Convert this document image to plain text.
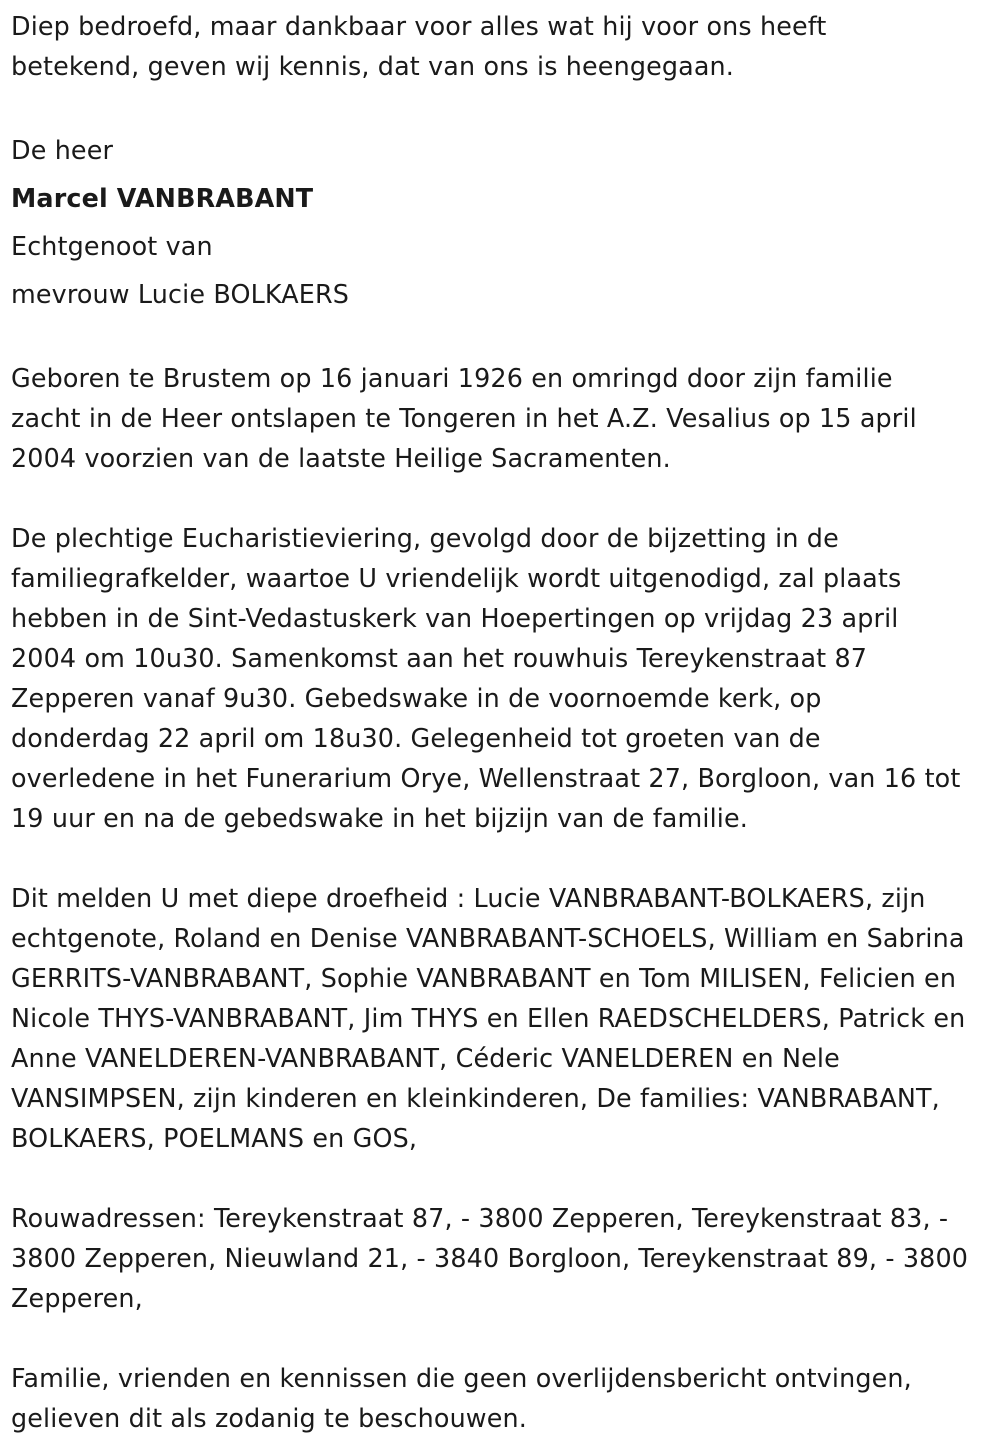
Diep bedroefd, maar dankbaar voor alles wat hij voor ons heeft
betekend, geven wij kennis, dat van ons is heengegaan.

De heer

Marcel VANBRABANT

Echtgenoot van

mevrouw Lucie BOLKAERS

Geboren te Brustem op 16 januari 1926 en omringd door zijn familie
zacht in de Heer ontslapen te Tongeren in het A.Z. Vesalius op 15 april
2004 voorzien van de laatste Heilige Sacramenten.

De plechtige Eucharistieviering, gevolgd door de bijzetting in de
familiegrafkelder, waartoe U vriendelijk wordt uitgenodigd, zal plaats
hebben in de Sint-Vedastuskerk van Hoepertingen op vrijdag 23 april
2004 om 10u30. Samenkomst aan het rouwhuis Tereykenstraat 87
Zepperen vanaf 9u30. Gebedswake in de voornoemde kerk, op
donderdag 22 april om 18u30. Gelegenheid tot groeten van de
overledene in het Funerarium Orye, Wellenstraat 27, Borgloon, van 16 tot
19 uur en na de gebedswake in het bijzijn van de familie.

Dit melden U met diepe droefheid : Lucie VANBRABANT-BOLKAERS, zijn
echtgenote, Roland en Denise VANBRABANT-SCHOELS, William en Sabrina
GERRITS-VANBRABANT, Sophie VANBRABANT en Tom MILISEN, Felicien en
Nicole THYS-VANBRABANT, Jim THYS en Ellen RAEDSCHELDERS, Patrick en
Anne VANELDEREN-VANBRABANT, Céderic VANELDEREN en Nele
VANSIMPSEN, zijn kinderen en kleinkinderen, De families: VANBRABANT,
BOLKAERS, POELMANS en GOS,

Rouwadressen: Tereykenstraat 87, - 3800 Zepperen, Tereykenstraat 83, -
3800 Zepperen, Nieuwland 21, - 3840 Borgloon, Tereykenstraat 89, - 3800
Zepperen,

Familie, vrienden en kennissen die geen overlijdensbericht ontvingen,
gelieven dit als zodanig te beschouwen.
